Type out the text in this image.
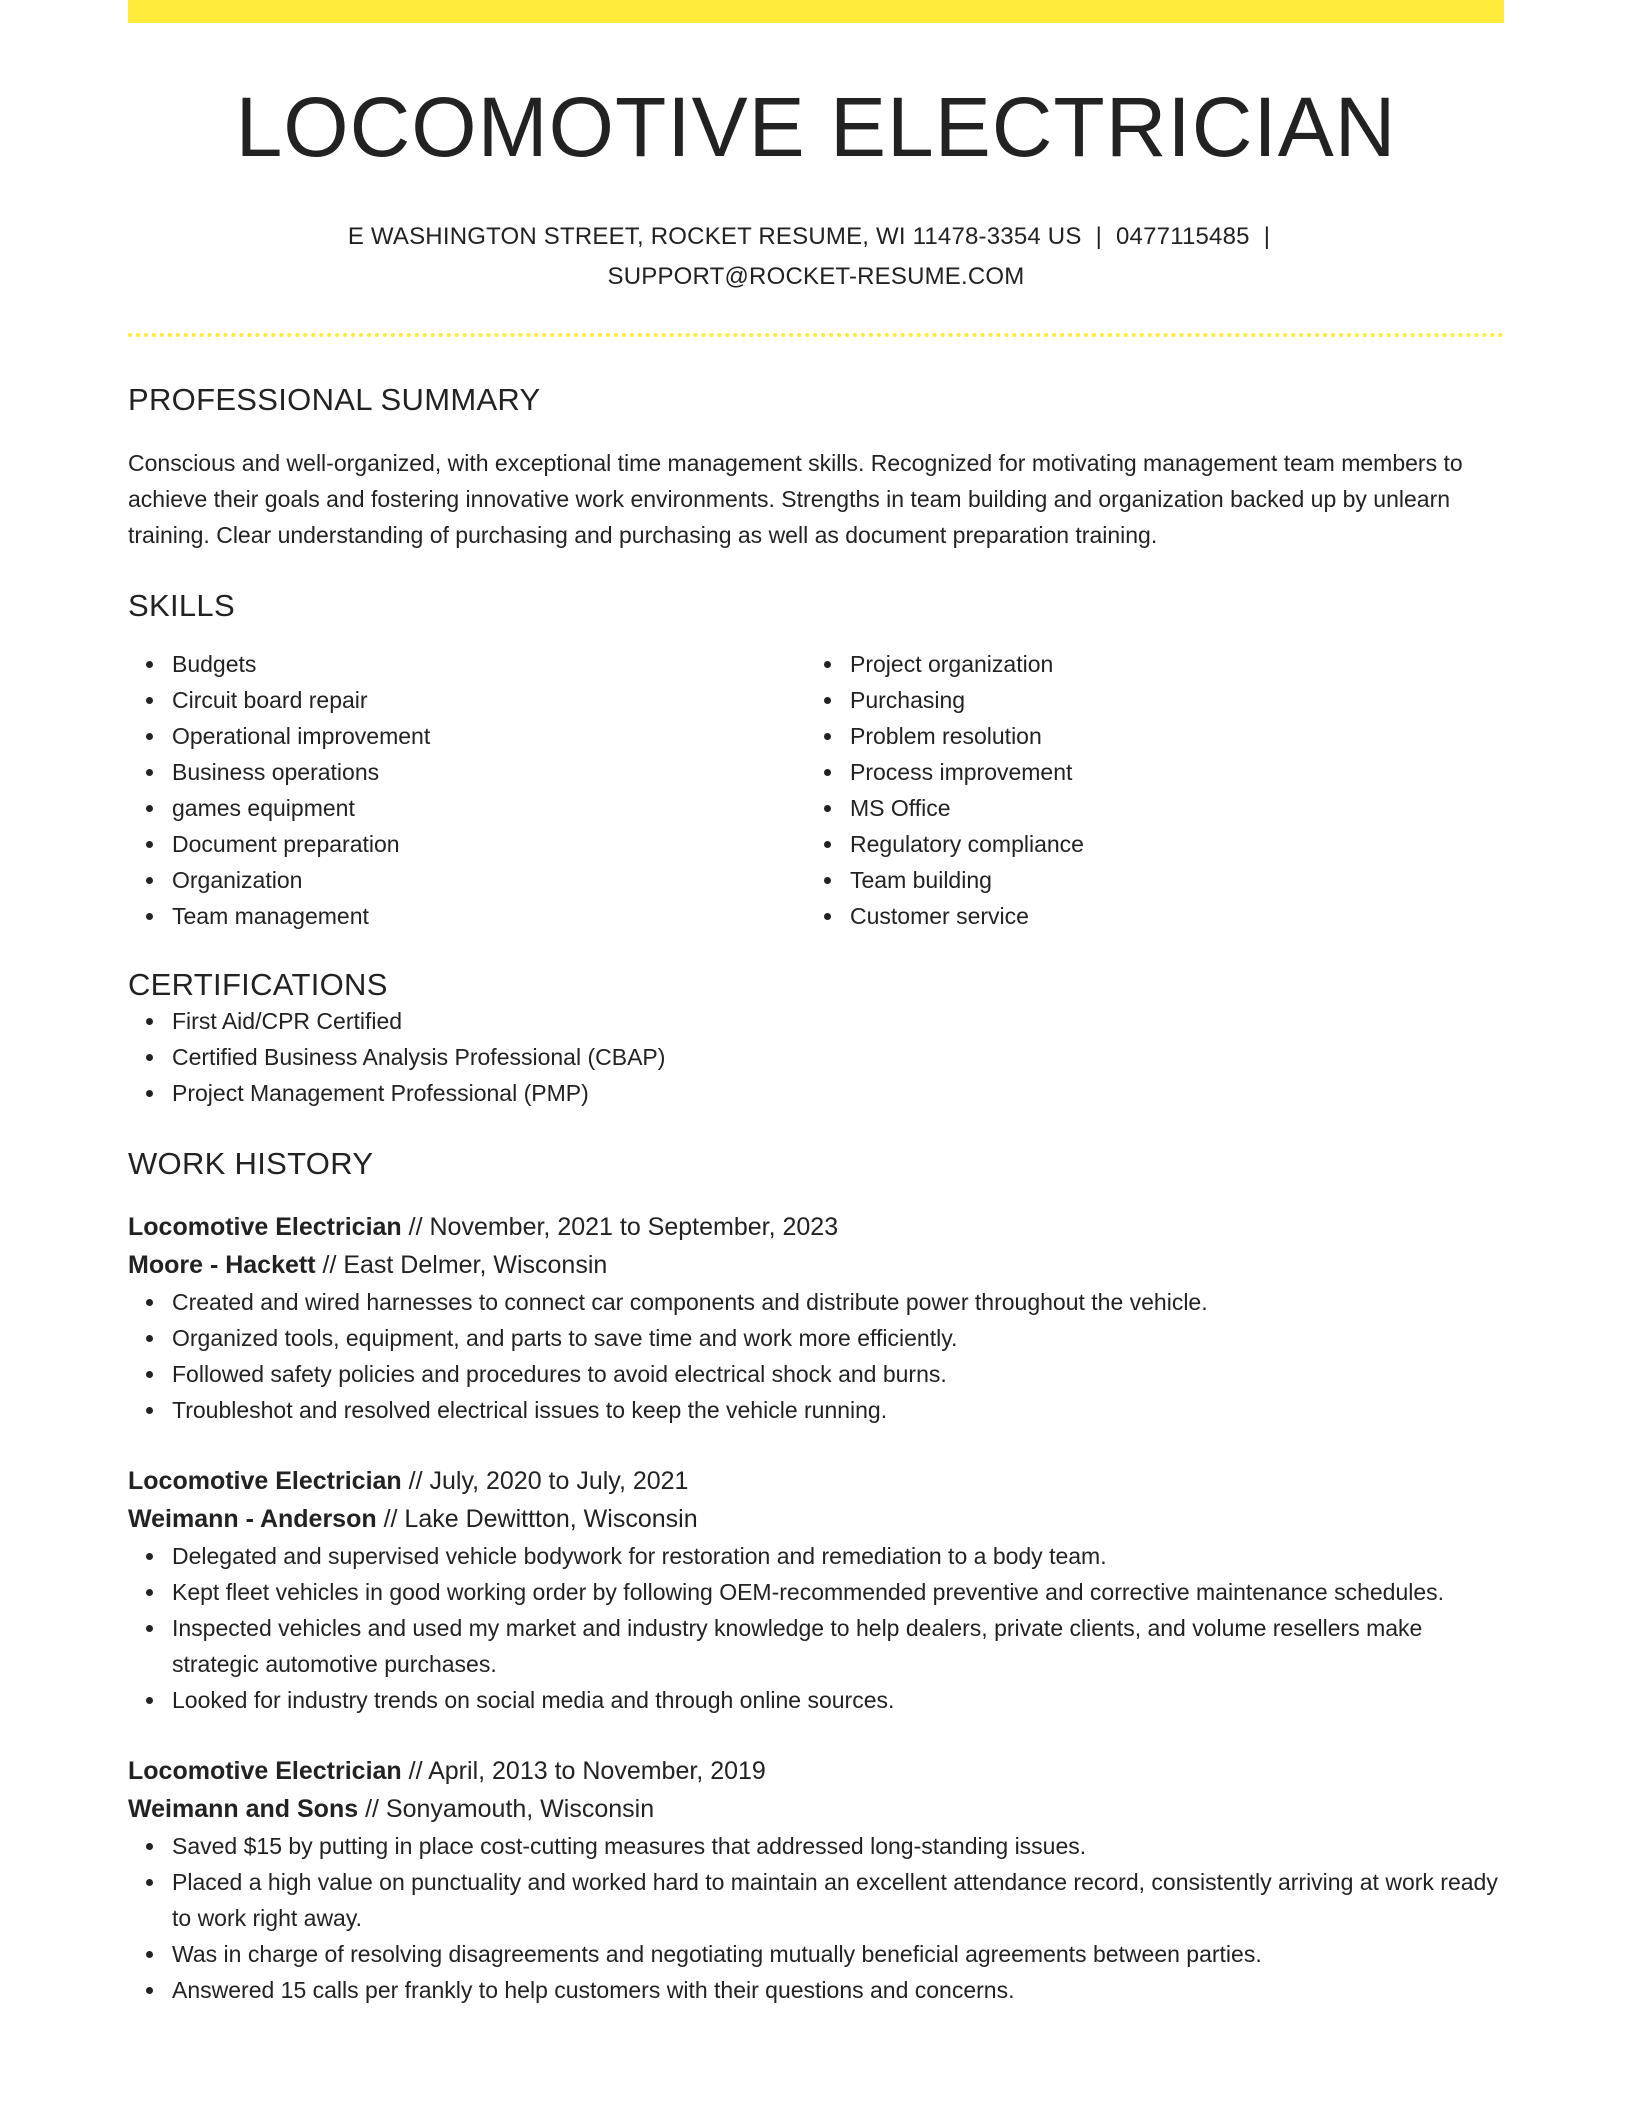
LOCOMOTIVE ELECTRICIAN
E WASHINGTON STREET, ROCKET RESUME, WI 11478-3354 US | 0477115485 |
SUPPORT@ROCKET-RESUME.COM
PROFESSIONAL SUMMARY

Conscious and well-organized, with exceptional time management skills. Recognized for motivating management team members to achieve their goals and fostering innovative work environments. Strengths in team building and organization backed up by unlearn training. Clear understanding of purchasing and purchasing as well as document preparation training.

SKILLS
Budgets
Circuit board repair
Operational improvement
Business operations
games equipment
Document preparation
Organization
Team management
Project organization
Purchasing
Problem resolution
Process improvement
MS Office
Regulatory compliance
Team building
Customer service
CERTIFICATIONS
First Aid/CPR Certified
Certified Business Analysis Professional (CBAP)
Project Management Professional (PMP)
WORK HISTORY
Locomotive Electrician // November, 2021 to September, 2023
Moore - Hackett // East Delmer, Wisconsin
Created and wired harnesses to connect car components and distribute power throughout the vehicle.
Organized tools, equipment, and parts to save time and work more efficiently.
Followed safety policies and procedures to avoid electrical shock and burns.
Troubleshot and resolved electrical issues to keep the vehicle running.
Locomotive Electrician // July, 2020 to July, 2021
Weimann - Anderson // Lake Dewittton, Wisconsin
Delegated and supervised vehicle bodywork for restoration and remediation to a body team.
Kept fleet vehicles in good working order by following OEM-recommended preventive and corrective maintenance schedules.
Inspected vehicles and used my market and industry knowledge to help dealers, private clients, and volume resellers make strategic automotive purchases.
Looked for industry trends on social media and through online sources.
Locomotive Electrician // April, 2013 to November, 2019
Weimann and Sons // Sonyamouth, Wisconsin
Saved $15 by putting in place cost-cutting measures that addressed long-standing issues.
Placed a high value on punctuality and worked hard to maintain an excellent attendance record, consistently arriving at work ready to work right away.
Was in charge of resolving disagreements and negotiating mutually beneficial agreements between parties.
Answered 15 calls per frankly to help customers with their questions and concerns.
